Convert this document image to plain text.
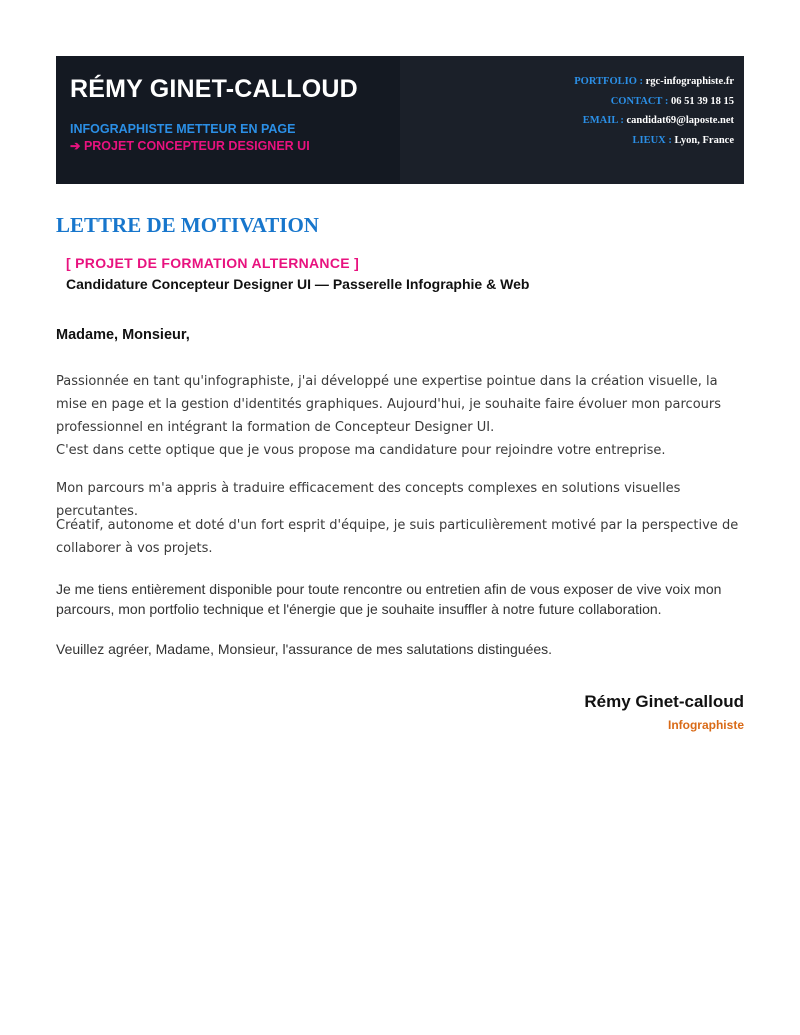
RÉMY GINET-CALLOUD
INFOGRAPHISTE METTEUR EN PAGE
➔ PROJET CONCEPTEUR DESIGNER UI
PORTFOLIO : rgc-infographiste.fr
CONTACT : 06 51 39 18 15
EMAIL : candidat69@laposte.net
LIEUX : Lyon, France
LETTRE DE MOTIVATION
[ PROJET DE FORMATION ALTERNANCE ]
Candidature Concepteur Designer UI — Passerelle Infographie & Web
Madame, Monsieur,
Passionnée en tant qu'infographiste, j'ai développé une expertise pointue dans la création visuelle, la mise en page et la gestion d'identités graphiques. Aujourd'hui, je souhaite faire évoluer mon parcours professionnel en intégrant la formation de Concepteur Designer UI.
C'est dans cette optique que je vous propose ma candidature pour rejoindre votre entreprise.
Mon parcours m'a appris à traduire efficacement des concepts complexes en solutions visuelles percutantes.
Créatif, autonome et doté d'un fort esprit d'équipe, je suis particulièrement motivé par la perspective de collaborer à vos projets.
Je me tiens entièrement disponible pour toute rencontre ou entretien afin de vous exposer de vive voix mon parcours, mon portfolio technique et l'énergie que je souhaite insuffler à notre future collaboration.
Veuillez agréer, Madame, Monsieur, l'assurance de mes salutations distinguées.
Rémy Ginet-calloud
Infographiste
